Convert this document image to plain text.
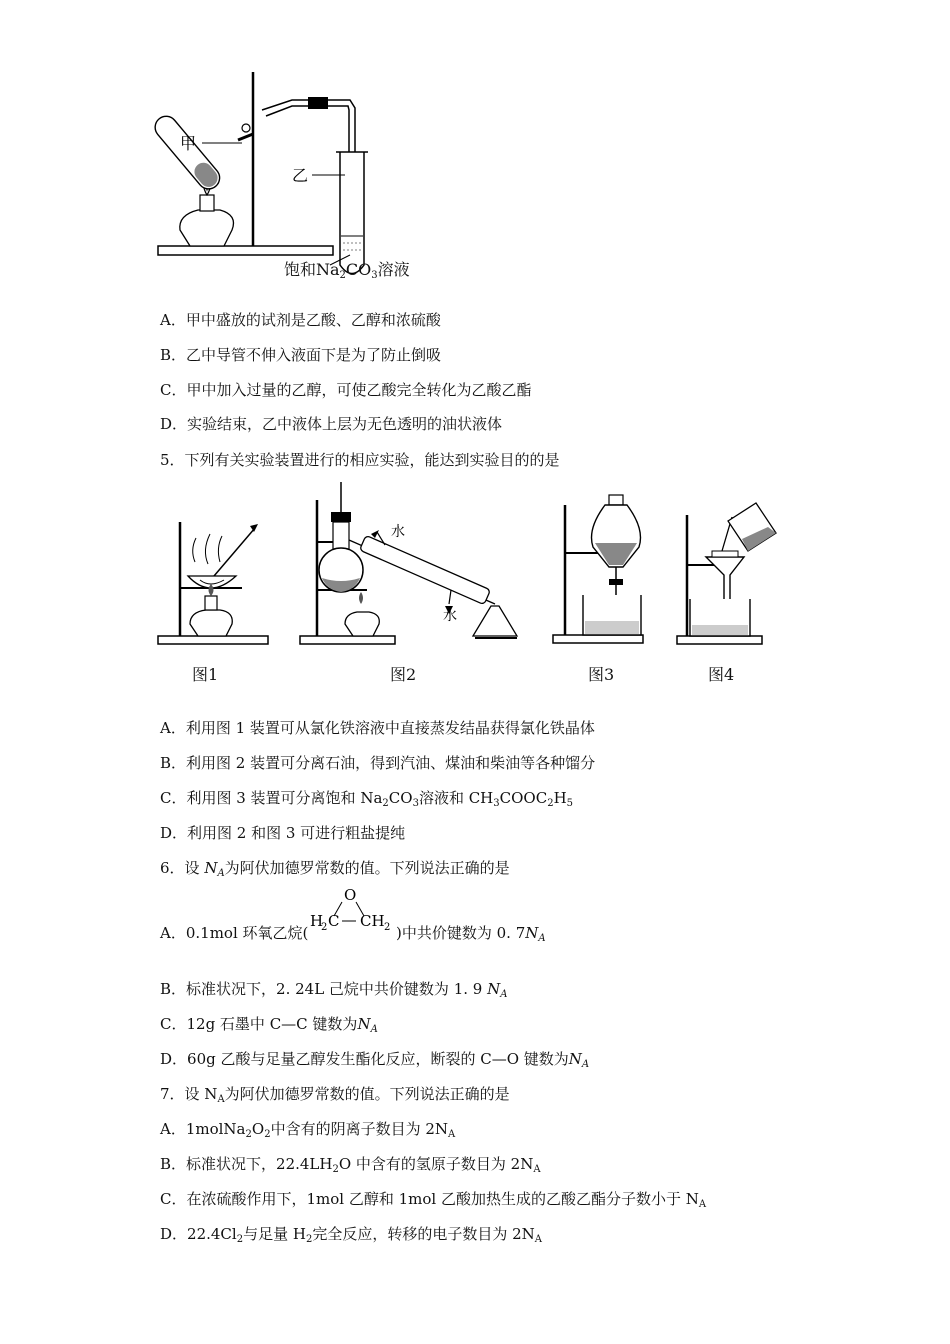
甲
乙
饱和$Na_2CO_3$溶液
A．甲中盛放的试剂是乙酸、乙醇和浓硫酸
B．乙中导管不伸入液面下是为了防止倒吸
C．甲中加入过量的乙醇，可使乙酸完全转化为乙酸乙酯
D．实验结束，乙中液体上层为无色透明的油状液体
5．下列有关实验装置进行的相应实验，能达到实验目的的是
水
水
图1	图2	图3	图4
A．利用图 1 装置可从氯化铁溶液中直接蒸发结晶获得氯化铁晶体
B．利用图 2 装置可分离石油，得到汽油、煤油和柴油等各种馏分
C．利用图 3 装置可分离饱和 $Na_2CO_3$溶液和 $CH_3COOC_2H_5$
D．利用图 2 和图 3 可进行粗盐提纯
6．设 $N_A$为阿伏加德罗常数的值。下列说法正确的是
O
H
2 C CH 2
A．0.1mol 环氧乙烷(	)中共价键数为 0. $7N_A$
B．标准状况下，2. 24L 己烷中共价键数为 1. 9 $N_A$
C．12g 石墨中 C—C 键数为$N_A$
D．60g 乙酸与足量乙醇发生酯化反应，断裂的 C—O 键数为$N_A$
7．设 $N_A$为阿伏加德罗常数的值。下列说法正确的是
A．$1molNa_2O_2$中含有的阴离子数目为 $2N_A$
B．标准状况下，$22.4LH_2O$ 中含有的氢原子数目为 $2N_A$
C．在浓硫酸作用下，1mol 乙醇和 1mol 乙酸加热生成的乙酸乙酯分子数小于 $N_A$
D．$22.4Cl_2$与足量 $H_2$完全反应，转移的电子数目为 $2N_A$
